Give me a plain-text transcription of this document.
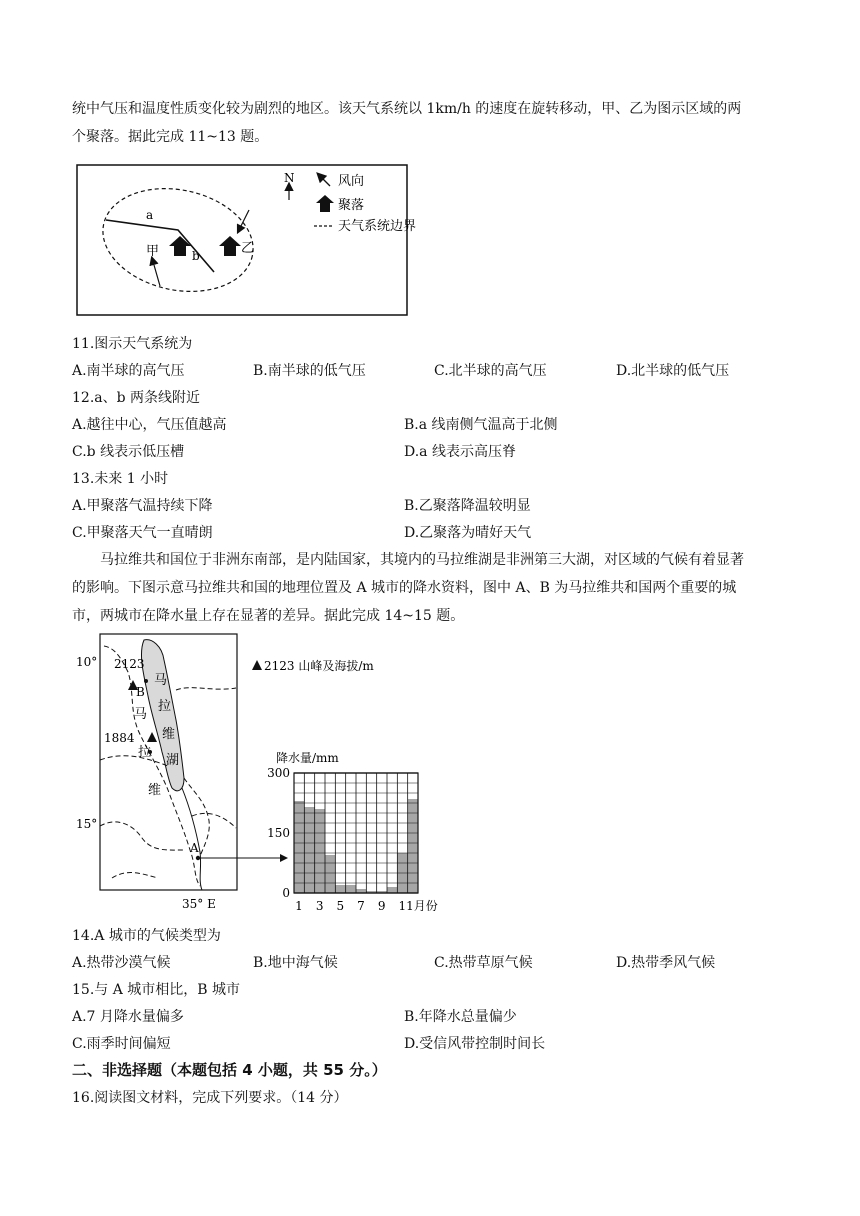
统中气压和温度性质变化较为剧烈的地区。该天气系统以 1km/h 的速度在旋转移动，甲、乙为图示区域的两
个聚落。据此完成 11~13 题。
a
b
甲	乙
N	风向
聚落
天气系统边界
11.图示天气系统为
A.南半球的高气压	B.南半球的低气压	C.北半球的高气压	D.北半球的低气压
12.a、b 两条线附近
A.越往中心，气压值越高	B.a 线南侧气温高于北侧
C.b 线表示低压槽	D.a 线表示高压脊
13.未来 1 小时
A.甲聚落气温持续下降	B.乙聚落降温较明显
C.甲聚落天气一直晴朗	D.乙聚落为晴好天气
马拉维共和国位于非洲东南部，是内陆国家，其境内的马拉维湖是非洲第三大湖，对区域的气候有着显著
的影响。下图示意马拉维共和国的地理位置及 A 城市的降水资料，图中 A、B 为马拉维共和国两个重要的城
市，两城市在降水量上存在显著的差异。据此完成 14~15 题。
10°
15°
35° E
2123
B
1884
马
拉
维
马
拉
维
湖
A
2123 山峰及海拔/m
降水量/mm
300
150
0
1 3 5 7 9 11月份
14.A 城市的气候类型为
A.热带沙漠气候	B.地中海气候	C.热带草原气候	D.热带季风气候
15.与 A 城市相比，B 城市
A.7 月降水量偏多	B.年降水总量偏少
C.雨季时间偏短	D.受信风带控制时间长
二、非选择题（本题包括 4 小题，共 55 分。）
16.阅读图文材料，完成下列要求。（14 分）
